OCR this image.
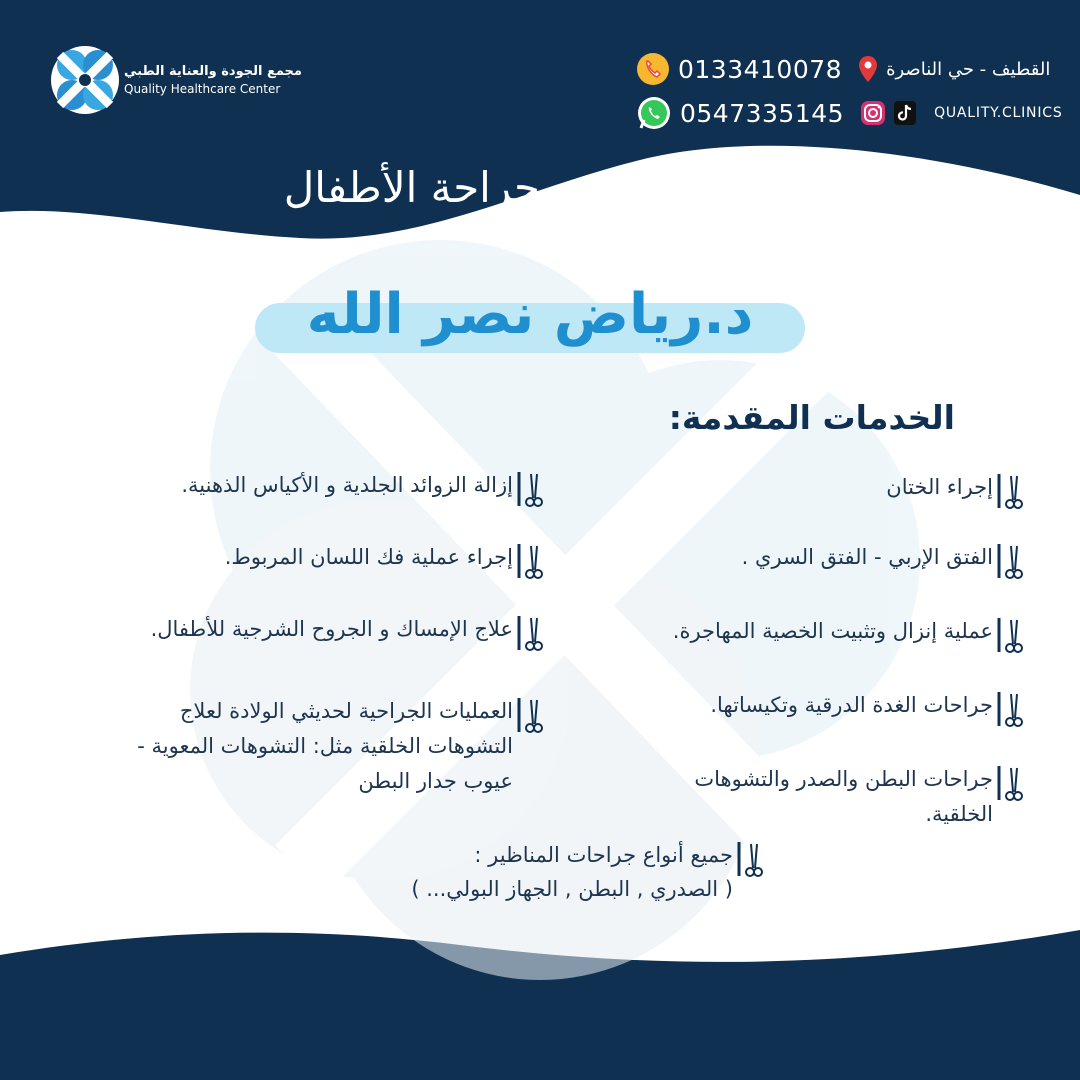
مجمع الجودة والعناية الطبي
Quality Healthcare Center
0133410078 القطيف - حي الناصرة
0547335145	QUALITY.CLINICS
استشاري جراحة الأطفال
د.رياض نصر الله
الخدمات المقدمة:
إجراء الختان
الفتق الإربي - الفتق السري .
عملية إنزال وتثبيت الخصية المهاجرة.
جراحات الغدة الدرقية وتكيساتها.
جراحات البطن والصدر والتشوهات الخلقية.
إزالة الزوائد الجلدية و الأكياس الذهنية.
إجراء عملية فك اللسان المربوط.
علاج الإمساك و الجروح الشرجية للأطفال.
العمليات الجراحية لحديثي الولادة لعلاج التشوهات الخلقية مثل: التشوهات المعوية - عيوب جدار البطن
جميع أنواع جراحات المناظير :
( الصدري , البطن , الجهاز البولي... )
